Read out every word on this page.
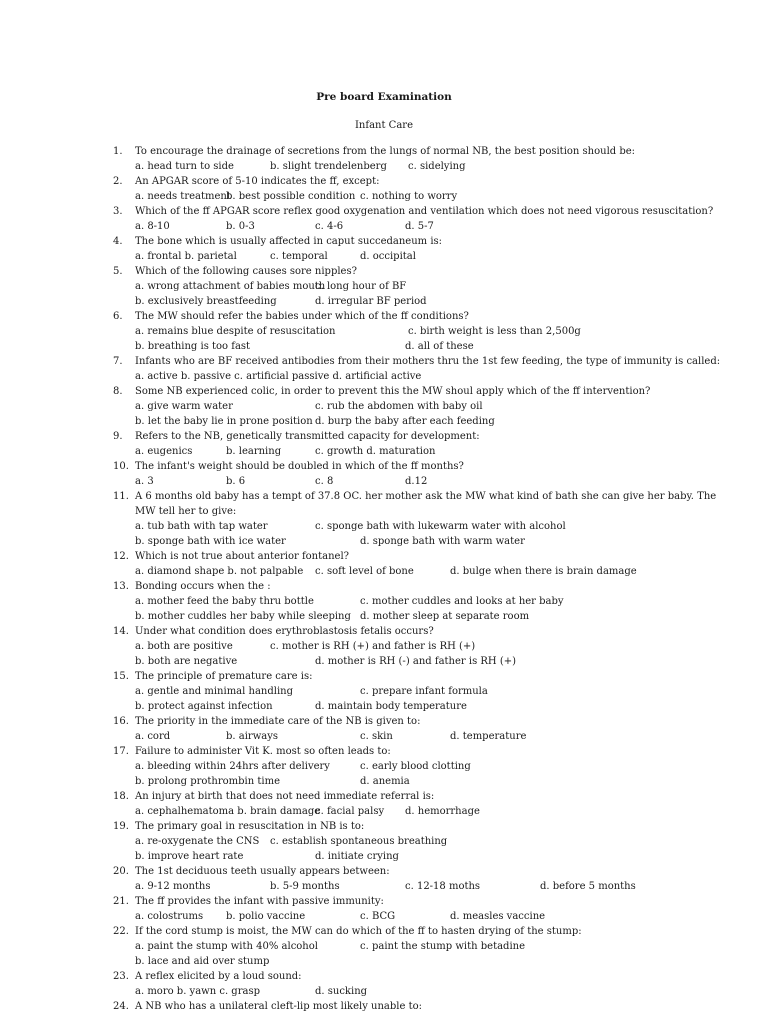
Pre board Examination
Infant Care
1. To encourage the drainage of secretions from the lungs of normal NB, the best position should be:
a. head turn to side	b. slight trendelenberg c. sidelying
2. An APGAR score of 5-10 indicates the ff, except:
a. needs treatment
b. best possible condition c. nothing to worry
3. Which of the ff APGAR score reflex good oxygenation and ventilation which does not need vigorous resuscitation?
a. 8-10	b. 0-3	c. 4-6	d. 5-7
4. The bone which is usually affected in caput succedaneum is:
a. frontal b. parietal	c. temporal	d. occipital
5. Which of the following causes sore nipples?
a. wrong attachment of babies mouth
c. long hour of BF
b. exclusively breastfeeding	d. irregular BF period
6. The MW should refer the babies under which of the ff conditions?
a. remains blue despite of resuscitation	c. birth weight is less than 2,500g
b. breathing is too fast	d. all of these
7. Infants who are BF received antibodies from their mothers thru the 1st few feeding, the type of immunity is called:
a. active b. passive c. artificial passive d. artificial active
8. Some NB experienced colic, in order to prevent this the MW shoul apply which of the ff intervention?
a. give warm water	c. rub the abdomen with baby oil
b. let the baby lie in prone position d. burp the baby after each feeding
9. Refers to the NB, genetically transmitted capacity for development:
a. eugenics	b. learning	c. growth d. maturation
10. The infant's weight should be doubled in which of the ff months?
a. 3	b. 6	c. 8	d.12
11. A 6 months old baby has a tempt of 37.8 OC. her mother ask the MW what kind of bath she can give her baby. The
MW tell her to give:
a. tub bath with tap water	c. sponge bath with lukewarm water with alcohol
b. sponge bath with ice water	d. sponge bath with warm water
12. Which is not true about anterior fontanel?
a. diamond shape b. not palpable c. soft level of bone	d. bulge when there is brain damage
13. Bonding occurs when the :
a. mother feed the baby thru bottle	c. mother cuddles and looks at her baby
b. mother cuddles her baby while sleeping d. mother sleep at separate room
14. Under what condition does erythroblastosis fetalis occurs?
a. both are positive	c. mother is RH (+) and father is RH (+)
b. both are negative	d. mother is RH (-) and father is RH (+)
15. The principle of premature care is:
a. gentle and minimal handling	c. prepare infant formula
b. protect against infection	d. maintain body temperature
16. The priority in the immediate care of the NB is given to:
a. cord	b. airways	c. skin	d. temperature
17. Failure to administer Vit K. most so often leads to:
a. bleeding within 24hrs after delivery	c. early blood clotting
b. prolong prothrombin time	d. anemia
18. An injury at birth that does not need immediate referral is:
a. cephalhematoma b. brain damage
c. facial palsy d. hemorrhage
19. The primary goal in resuscitation in NB is to:
a. re-oxygenate the CNS c. establish spontaneous breathing
b. improve heart rate	d. initiate crying
20. The 1st deciduous teeth usually appears between:
a. 9-12 months	b. 5-9 months	c. 12-18 moths	d. before 5 months
21. The ff provides the infant with passive immunity:
a. colostrums b. polio vaccine	c. BCG	d. measles vaccine
22. If the cord stump is moist, the MW can do which of the ff to hasten drying of the stump:
a. paint the stump with 40% alcohol	c. paint the stump with betadine
b. lace and aid over stump
23. A reflex elicited by a loud sound:
a. moro b. yawn c. grasp	d. sucking
24. A NB who has a unilateral cleft-lip most likely unable to:
